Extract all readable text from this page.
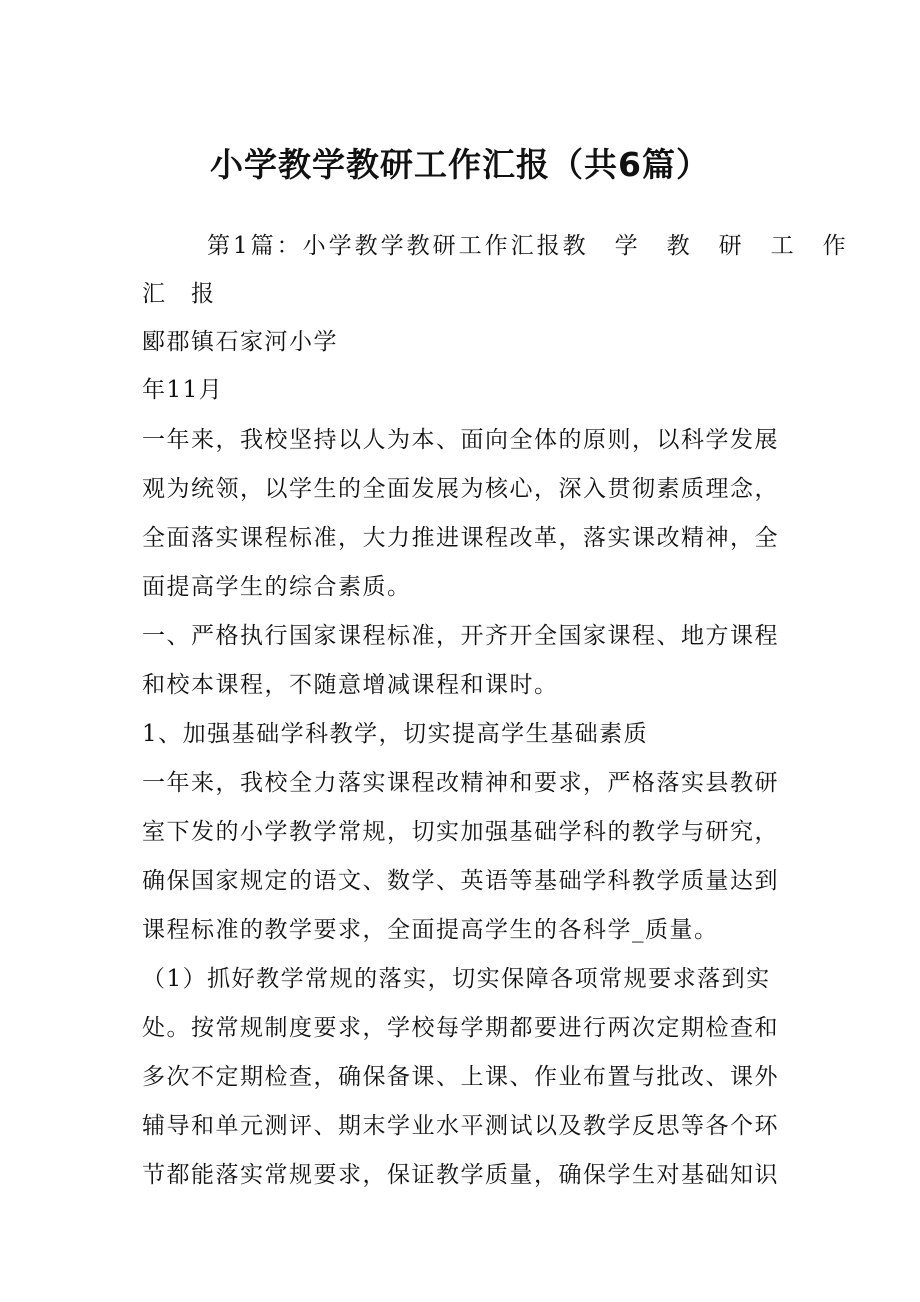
小学教学教研工作汇报（共6篇）
第1篇：小学教学教研工作汇报教　学　教　研　工　作
汇　报
郾郡镇石家河小学
年11月
一年来，我校坚持以人为本、面向全体的原则，以科学发展
观为统领，以学生的全面发展为核心，深入贯彻素质理念，
全面落实课程标准，大力推进课程改革，落实课改精神，全
面提高学生的综合素质。
一、严格执行国家课程标准，开齐开全国家课程、地方课程
和校本课程，不随意增减课程和课时。
1、加强基础学科教学，切实提高学生基础素质
一年来，我校全力落实课程改精神和要求，严格落实县教研
室下发的小学教学常规，切实加强基础学科的教学与研究，
确保国家规定的语文、数学、英语等基础学科教学质量达到
课程标准的教学要求，全面提高学生的各科学_质量。
（1）抓好教学常规的落实，切实保障各项常规要求落到实
处。按常规制度要求，学校每学期都要进行两次定期检查和
多次不定期检查，确保备课、上课、作业布置与批改、课外
辅导和单元测评、期末学业水平测试以及教学反思等各个环
节都能落实常规要求，保证教学质量，确保学生对基础知识
